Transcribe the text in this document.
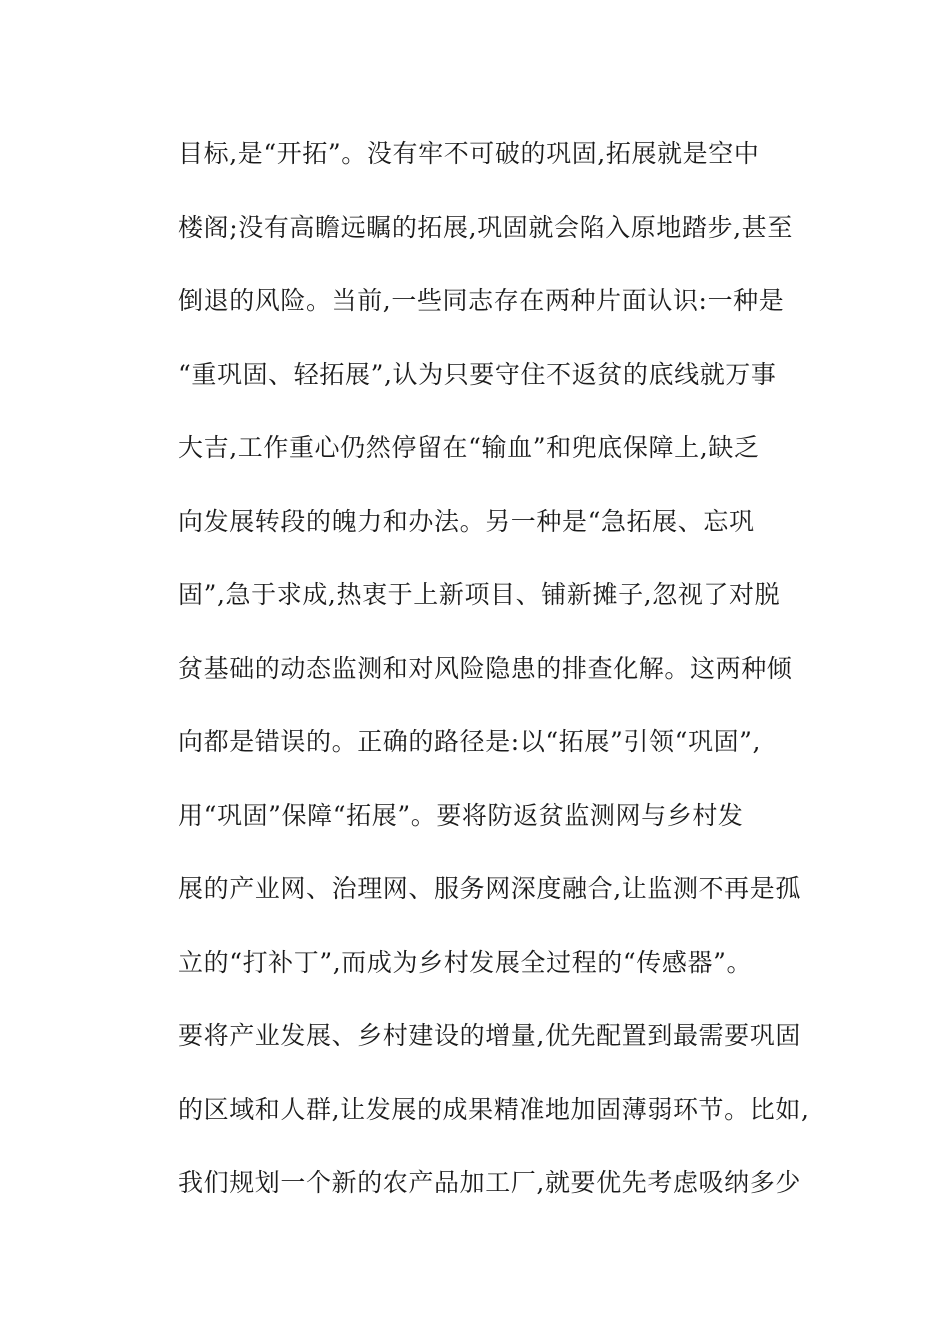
目标,是“开拓”。没有牢不可破的巩固,拓展就是空中
楼阁;没有高瞻远瞩的拓展,巩固就会陷入原地踏步,甚至
倒退的风险。当前,一些同志存在两种片面认识:一种是
“重巩固、轻拓展”,认为只要守住不返贫的底线就万事
大吉,工作重心仍然停留在“输血”和兜底保障上,缺乏
向发展转段的魄力和办法。另一种是“急拓展、忘巩
固”,急于求成,热衷于上新项目、铺新摊子,忽视了对脱
贫基础的动态监测和对风险隐患的排查化解。这两种倾
向都是错误的。正确的路径是:以“拓展”引领“巩固”,
用“巩固”保障“拓展”。要将防返贫监测网与乡村发
展的产业网、治理网、服务网深度融合,让监测不再是孤
立的“打补丁”,而成为乡村发展全过程的“传感器”。
要将产业发展、乡村建设的增量,优先配置到最需要巩固
的区域和人群,让发展的成果精准地加固薄弱环节。比如,
我们规划一个新的农产品加工厂,就要优先考虑吸纳多少
